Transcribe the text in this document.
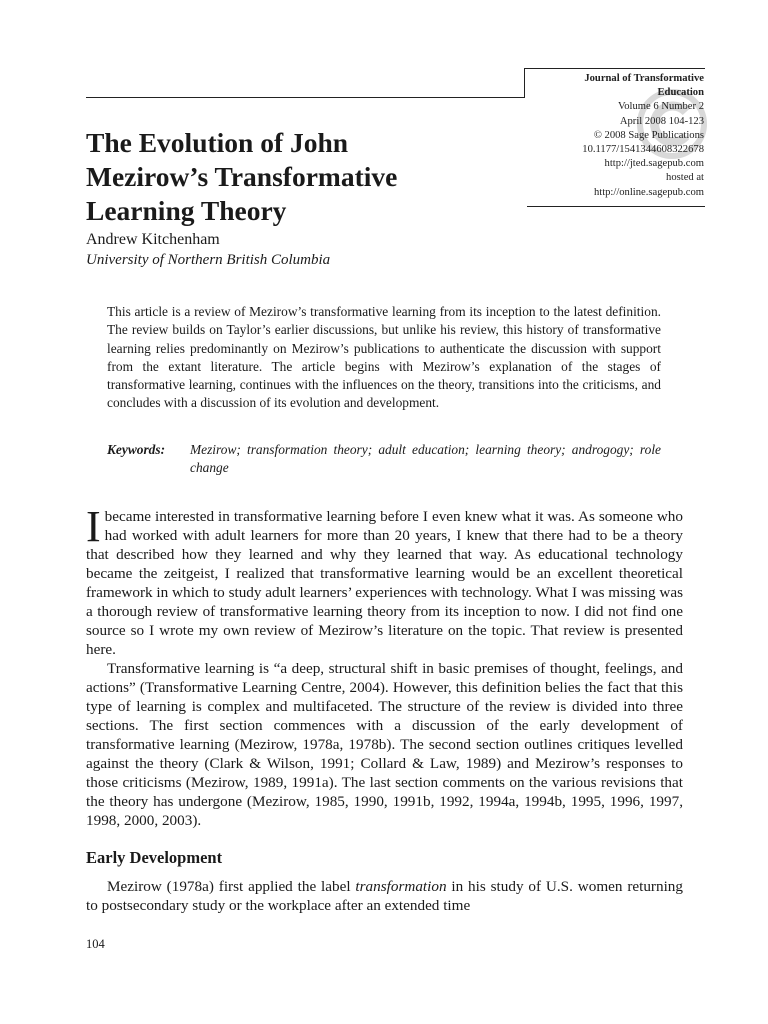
Journal of Transformative
Education
Volume 6 Number 2
April 2008 104-123
© 2008 Sage Publications
10.1177/1541344608322678
http://jted.sagepub.com
hosted at
http://online.sagepub.com
The Evolution of John
Mezirow’s Transformative
Learning Theory
Andrew Kitchenham
University of Northern British Columbia

This article is a review of Mezirow’s transformative learning from its inception to the latest definition. The review builds on Taylor’s earlier discussions, but unlike his review, this history of transformative learning relies predominantly on Mezirow’s publications to authenticate the discussion with support from the extant literature. The article begins with Mezirow’s explanation of the stages of transformative learning, continues with the influences on the theory, transitions into the criticisms, and concludes with a discussion of its evolution and development.

Keywords:	Mezirow; transformation theory; adult education; learning theory; androgogy; role change

I became interested in transformative learning before I even knew what it was. As someone who had worked with adult learners for more than 20 years, I knew that there had to be a theory that described how they learned and why they learned that way. As educational technology became the zeitgeist, I realized that transformative learning would be an excellent theoretical framework in which to study adult learners’ experiences with technology. What I was missing was a thorough review of transformative learning theory from its inception to now. I did not find one source so I wrote my own review of Mezirow’s literature on the topic. That review is presented here.

Transformative learning is “a deep, structural shift in basic premises of thought, feelings, and actions” (Transformative Learning Centre, 2004). However, this definition belies the fact that this type of learning is complex and multifaceted. The structure of the review is divided into three sections. The first section commences with a discussion of the early development of transformative learning (Mezirow, 1978a, 1978b). The second section outlines critiques levelled against the theory (Clark & Wilson, 1991; Collard & Law, 1989) and Mezirow’s responses to those criticisms (Mezirow, 1989, 1991a). The last section comments on the various revisions that the theory has undergone (Mezirow, 1985, 1990, 1991b, 1992, 1994a, 1994b, 1995, 1996, 1997, 1998, 2000, 2003).

Early Development

Mezirow (1978a) first applied the label transformation in his study of U.S. women returning to postsecondary study or the workplace after an extended time

104
